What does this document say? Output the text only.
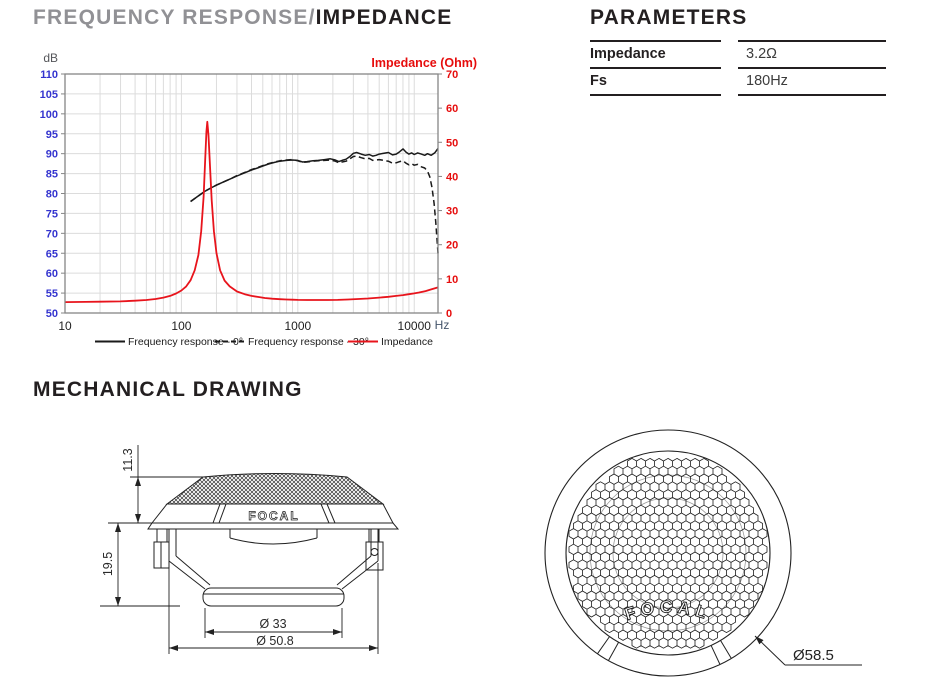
FREQUENCY RESPONSE/IMPEDANCE	PARAMETERS
MECHANICAL DRAWING
50
55
60
65
70
75
80
85
90
95
100
105
110
0
10
20
30
40
50
60
70
10	100	1000	10000
dB
Hz
Impedance (Ohm)
Frequency response - 0° Frequency response - 30° Impedance
Impedance	3.2Ω
Fs	180Hz
11.3
19.5
Ø 33
Ø 50.8
FOCAL
FOCAL
Ø58.5
